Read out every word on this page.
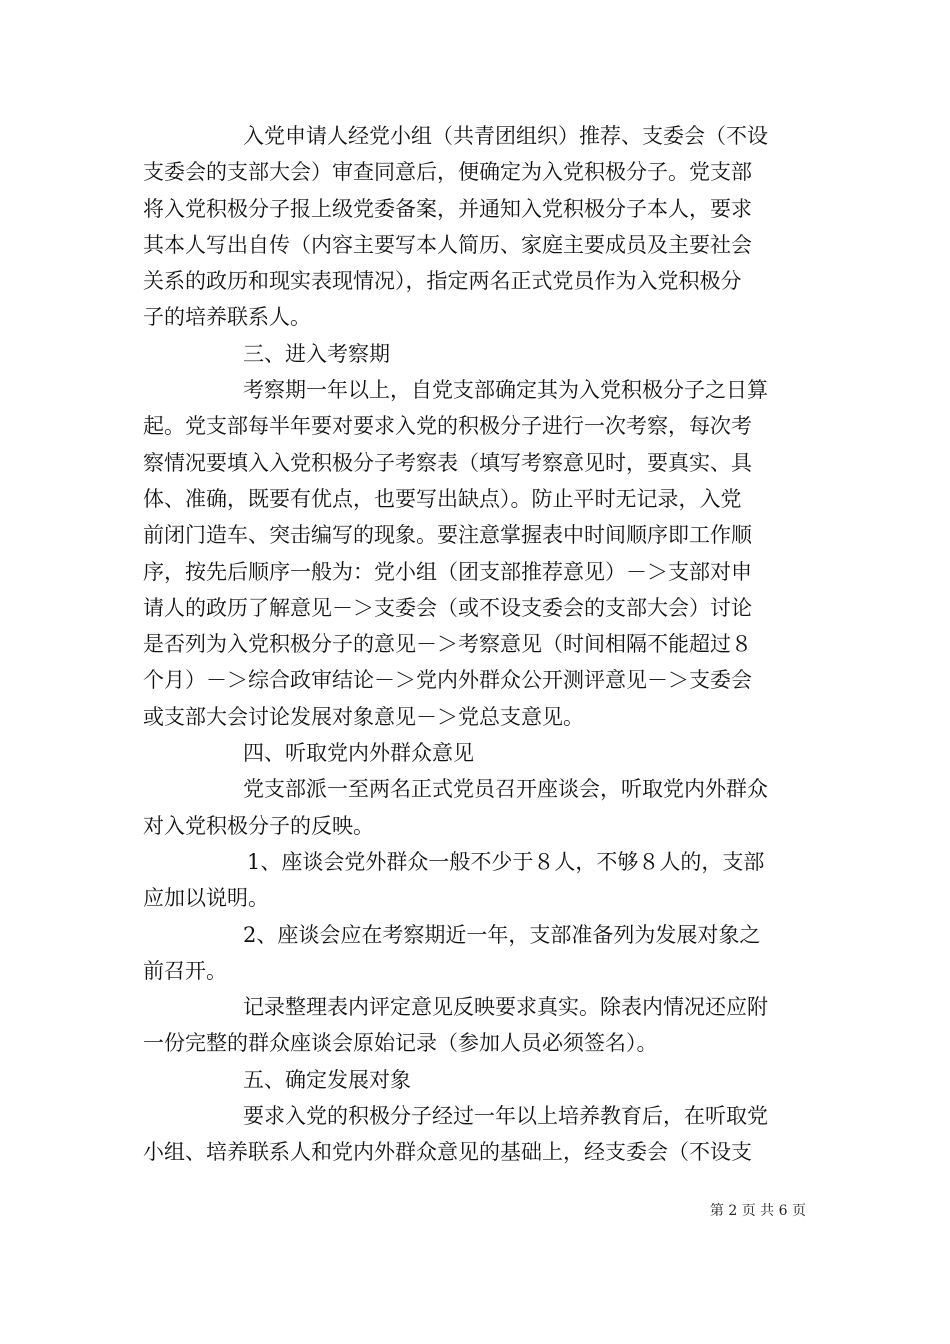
入党申请人经党小组（共青团组织）推荐、支委会（不设
支委会的支部大会）审查同意后，便确定为入党积极分子。党支部
将入党积极分子报上级党委备案，并通知入党积极分子本人，要求
其本人写出自传（内容主要写本人简历、家庭主要成员及主要社会
关系的政历和现实表现情况），指定两名正式党员作为入党积极分
子的培养联系人。
三、进入考察期
考察期一年以上，自党支部确定其为入党积极分子之日算
起。党支部每半年要对要求入党的积极分子进行一次考察，每次考
察情况要填入入党积极分子考察表（填写考察意见时，要真实、具
体、准确，既要有优点，也要写出缺点）。防止平时无记录，入党
前闭门造车、突击编写的现象。要注意掌握表中时间顺序即工作顺
序，按先后顺序一般为：党小组（团支部推荐意见）－＞支部对申
请人的政历了解意见－＞支委会（或不设支委会的支部大会）讨论
是否列为入党积极分子的意见－＞考察意见（时间相隔不能超过８
个月）－＞综合政审结论－＞党内外群众公开测评意见－＞支委会
或支部大会讨论发展对象意见－＞党总支意见。
四、听取党内外群众意见
党支部派一至两名正式党员召开座谈会，听取党内外群众
对入党积极分子的反映。
1、座谈会党外群众一般不少于８人，不够８人的，支部
应加以说明。
2、座谈会应在考察期近一年，支部准备列为发展对象之
前召开。
记录整理表内评定意见反映要求真实。除表内情况还应附
一份完整的群众座谈会原始记录（参加人员必须签名）。
五、确定发展对象
要求入党的积极分子经过一年以上培养教育后，在听取党
小组、培养联系人和党内外群众意见的基础上，经支委会（不设支
第 2 页 共 6 页
